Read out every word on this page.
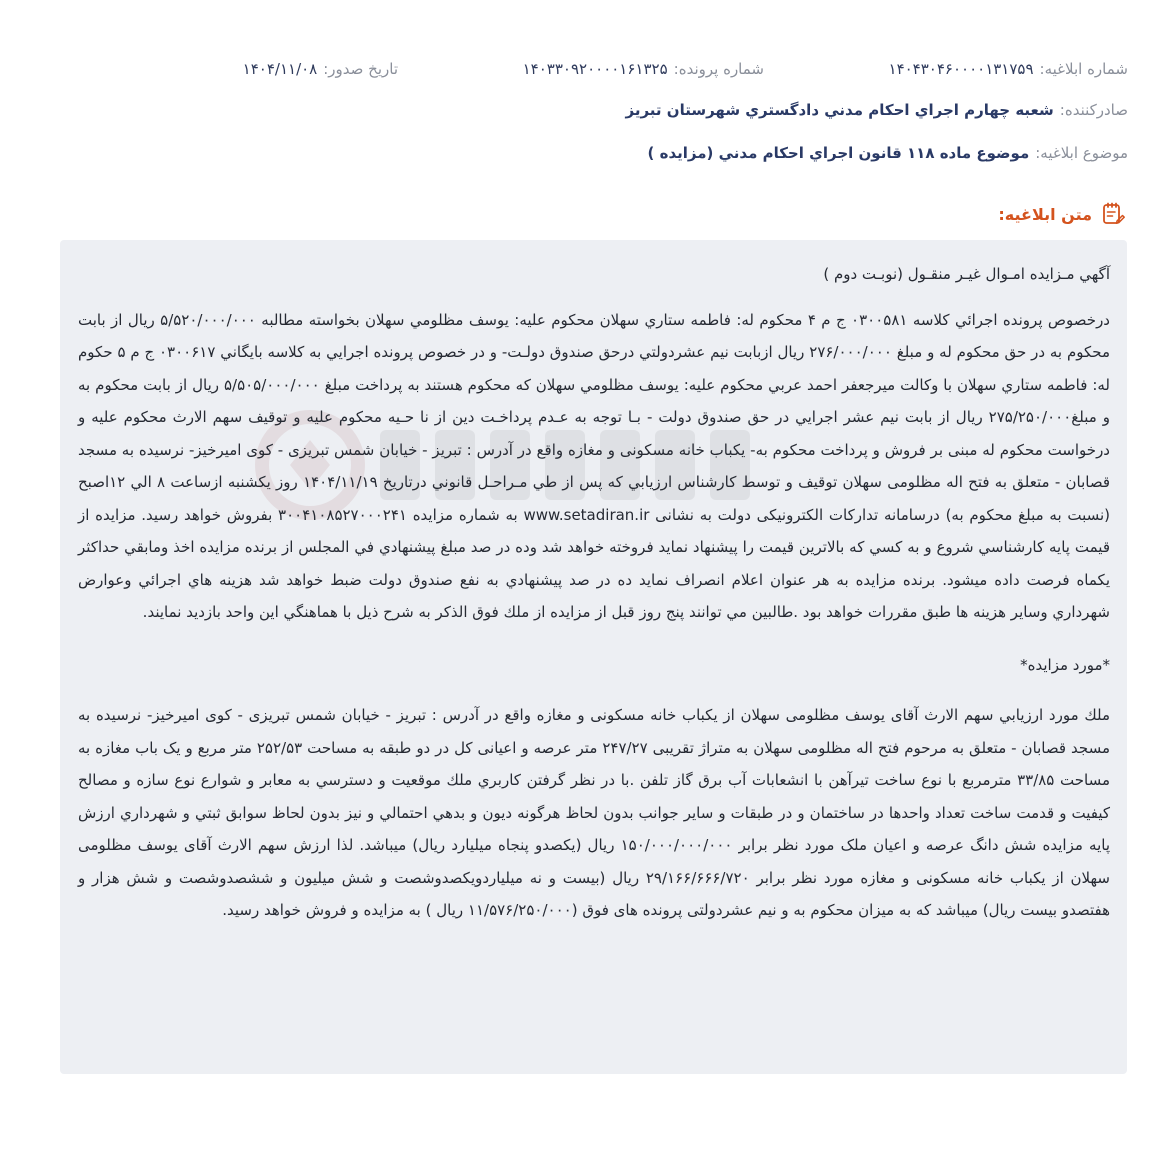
شماره ابلاغیه:
۱۴۰۴۳۰۴۶۰۰۰۰۱۳۱۷۵۹
شماره پرونده:
۱۴۰۳۳۰۹۲۰۰۰۰۱۶۱۳۲۵
تاریخ صدور:
۱۴۰۴/۱۱/۰۸
صادرکننده:
شعبه چهارم اجراي احكام مدني دادگستري شهرستان تبريز
موضوع ابلاغیه:
موضوع ماده ۱۱۸ قانون اجراي احكام مدني (مزايده )
متن ابلاغیه:

آگهي مـزايده امـوال غيـر منقـول (نوبـت دوم )

درخصوص پرونده اجرائي كلاسه ۰۳۰۰۵۸۱ ج م ۴ محكوم له: فاطمه ستاري سهلان محكوم عليه: يوسف مظلومي سهلان بخواسته مطالبه ۵/۵۲۰/۰۰۰/۰۰۰ ريال از بابت محكوم به در حق محكوم له و مبلغ ۲۷۶/۰۰۰/۰۰۰ ريال ازبابت نيم عشردولتي درحق صندوق دولـت- و در خصوص پرونده اجرايي به كلاسه بايگاني ۰۳۰۰۶۱۷ ج م ۵ حكوم له: فاطمه ستاري سهلان با وكالت ميرجعفر احمد عربي محكوم عليه: يوسف مظلومي سهلان كه محكوم هستند به پرداخت مبلغ ۵/۵۰۵/۰۰۰/۰۰۰ ريال از بابت محكوم به و مبلغ۲۷۵/۲۵۰/۰۰۰ ريال از بابت نيم عشر اجرايي در حق صندوق دولت - بـا توجه به عـدم پرداخـت دين از نا حـيه محكوم عليه و توقيف سهم الارث محکوم علیه و درخواست محكوم له مبنی بر فروش و پرداخت محکوم به- يكباب خانه مسكونی و مغازه واقع در آدرس : تبريز - خيابان شمس تبريزی - كوی اميرخيز- نرسيده به مسجد قصابان - متعلق به فتح اله مظلومی سهلان توقيف و توسط كارشناس ارزيابي كه پس از طي مـراحـل قانوني درتاريخ ۱۴۰۴/۱۱/۱۹ روز يكشنبه ازساعت ۸ الي ۱۲اصبح (نسبت به مبلغ محكوم به) درسامانه تداركات الكترونيكی دولت به نشانی www.setadiran.ir به شماره مزایده ۳۰۰۴۱۰۸۵۲۷۰۰۰۲۴۱ بفروش خواهد رسيد. مزايده از قيمت پايه كارشناسي شروع و به كسي كه بالاترين قيمت را پيشنهاد نمايد فروخته خواهد شد وده در صد مبلغ پيشنهادي في المجلس از برنده مزايده اخذ ومابقي حداكثر يكماه فرصت داده ميشود. برنده مزايده به هر عنوان اعلام انصراف نمايد ده در صد پيشنهادي به نفع صندوق دولت ضبط خواهد شد هزينه هاي اجرائي وعوارض شهرداري وساير هزينه ها طبق مقررات خواهد بود .طالبين مي توانند پنج روز قبل از مزايده از ملك فوق الذكر به شرح ذيل با هماهنگي اين واحد بازديد نمايند.

*مورد مزايده*

ملك مورد ارزيابي سهم الارث آقای يوسف مظلومی سهلان از يكباب خانه مسكونی و مغازه واقع در آدرس : تبريز - خيابان شمس تبريزی - كوی اميرخيز- نرسيده به مسجد قصابان - متعلق به مرحوم فتح اله مظلومی سهلان به متراژ تقريبی ۲۴۷/۲۷ متر عرصه و اعيانی كل در دو طبقه به مساحت ۲۵۲/۵۳ متر مربع و يک باب مغازه به مساحت ۳۳/۸۵ مترمربع با نوع ساخت تيرآهن با انشعابات آب برق گاز تلفن .با در نظر گرفتن كاربري ملك موقعيت و دسترسي به معابر و شوارع نوع سازه و مصالح كيفيت و قدمت ساخت تعداد واحدها در ساختمان و در طبقات و ساير جوانب بدون لحاظ هرگونه ديون و بدهي احتمالي و نيز بدون لحاظ سوابق ثبتي و شهرداري ارزش پايه مزايده شش دانگ عرصه و اعيان ملک مورد نظر برابر ۱۵۰/۰۰۰/۰۰۰/۰۰۰ ريال (يكصدو پنجاه ميليارد ريال) ميباشد. لذا ارزش سهم الارث آقای يوسف مظلومی سهلان از يكباب خانه مسكونی و مغازه مورد نظر برابر ۲۹/۱۶۶/۶۶۶/۷۲۰ ريال (بيست و نه ميلياردويكصدوشصت و شش ميليون و ششصدوشصت و شش هزار و هفتصدو بيست ريال) ميباشد كه به ميزان محكوم به و نيم عشردولتی پرونده های فوق (۱۱/۵۷۶/۲۵۰/۰۰۰ ريال ) به مزايده و فروش خواهد رسيد.
